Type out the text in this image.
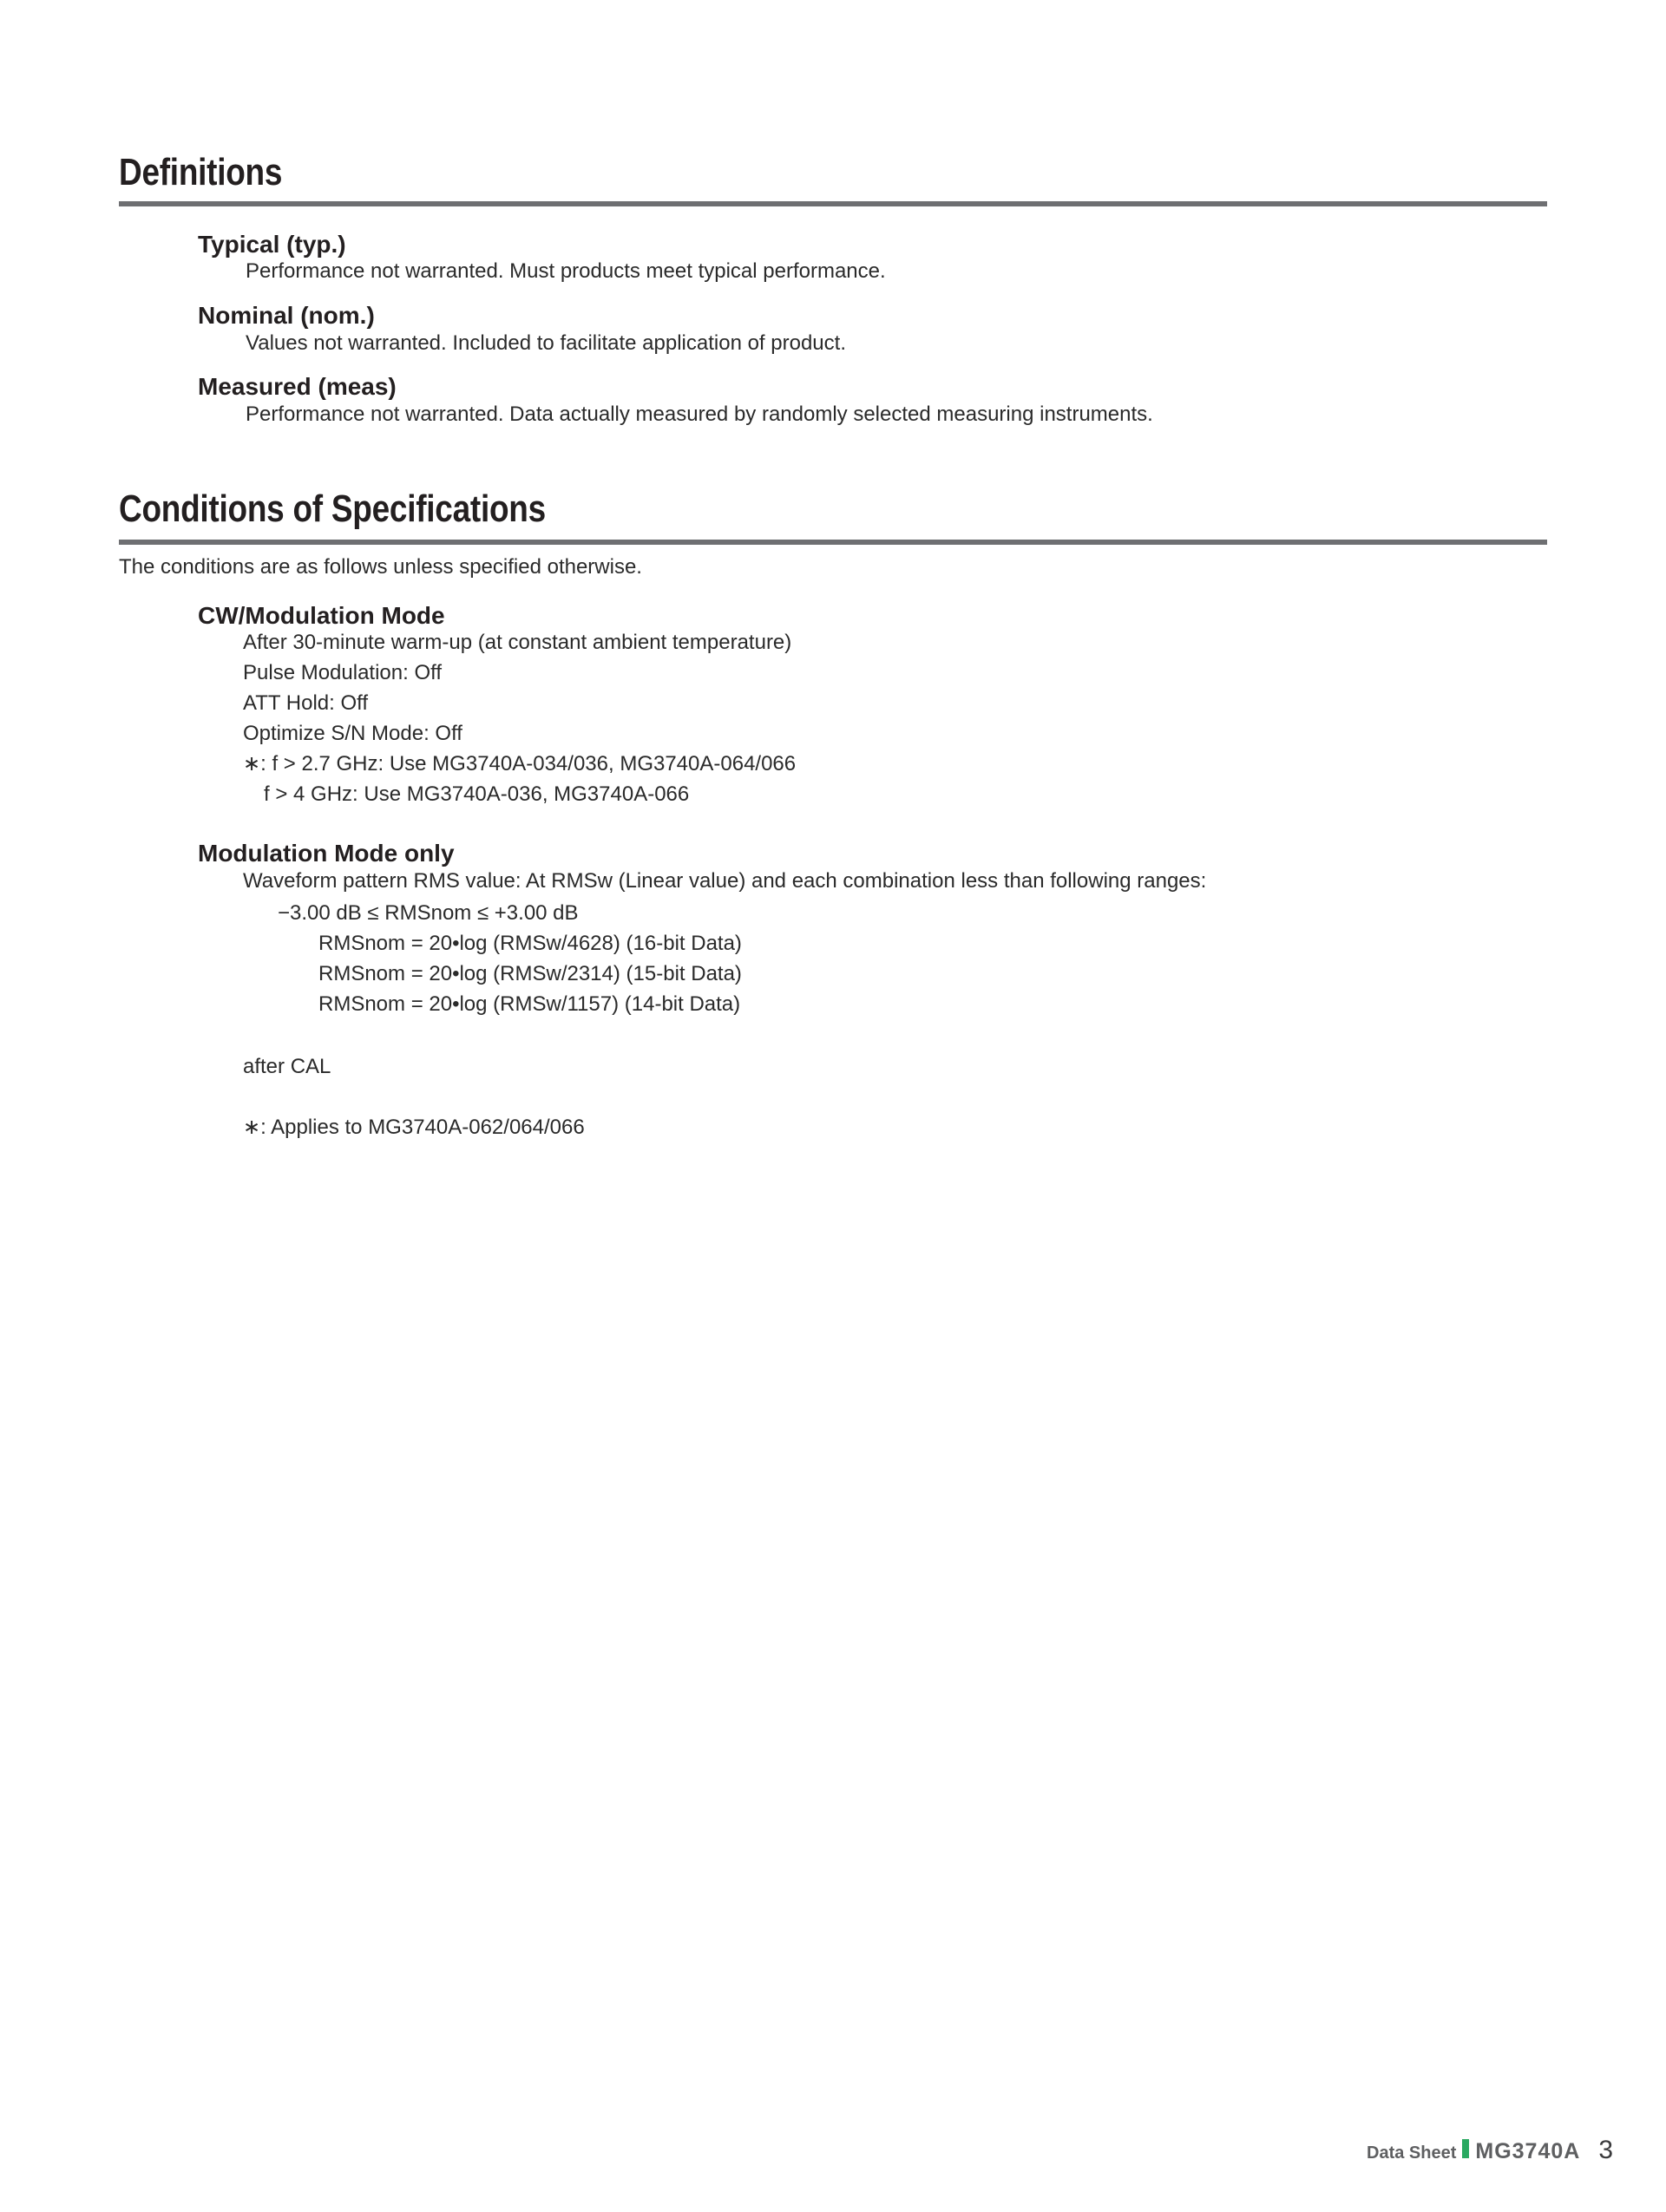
Definitions
Typical (typ.)
Performance not warranted. Must products meet typical performance.
Nominal (nom.)
Values not warranted. Included to facilitate application of product.
Measured (meas)
Performance not warranted. Data actually measured by randomly selected measuring instruments.
Conditions of Specifications
The conditions are as follows unless specified otherwise.
CW/Modulation Mode
After 30-minute warm-up (at constant ambient temperature)
Pulse Modulation: Off
ATT Hold: Off
Optimize S/N Mode: Off
∗: f > 2.7 GHz: Use MG3740A-034/036, MG3740A-064/066
f > 4 GHz: Use MG3740A-036, MG3740A-066
Modulation Mode only
Waveform pattern RMS value: At RMSw (Linear value) and each combination less than following ranges:
−3.00 dB ≤ RMSnom ≤ +3.00 dB
RMSnom = 20•log (RMSw/4628) (16-bit Data)
RMSnom = 20•log (RMSw/2314) (15-bit Data)
RMSnom = 20•log (RMSw/1157) (14-bit Data)
after CAL
∗: Applies to MG3740A-062/064/066
Data Sheet MG3740A 3
